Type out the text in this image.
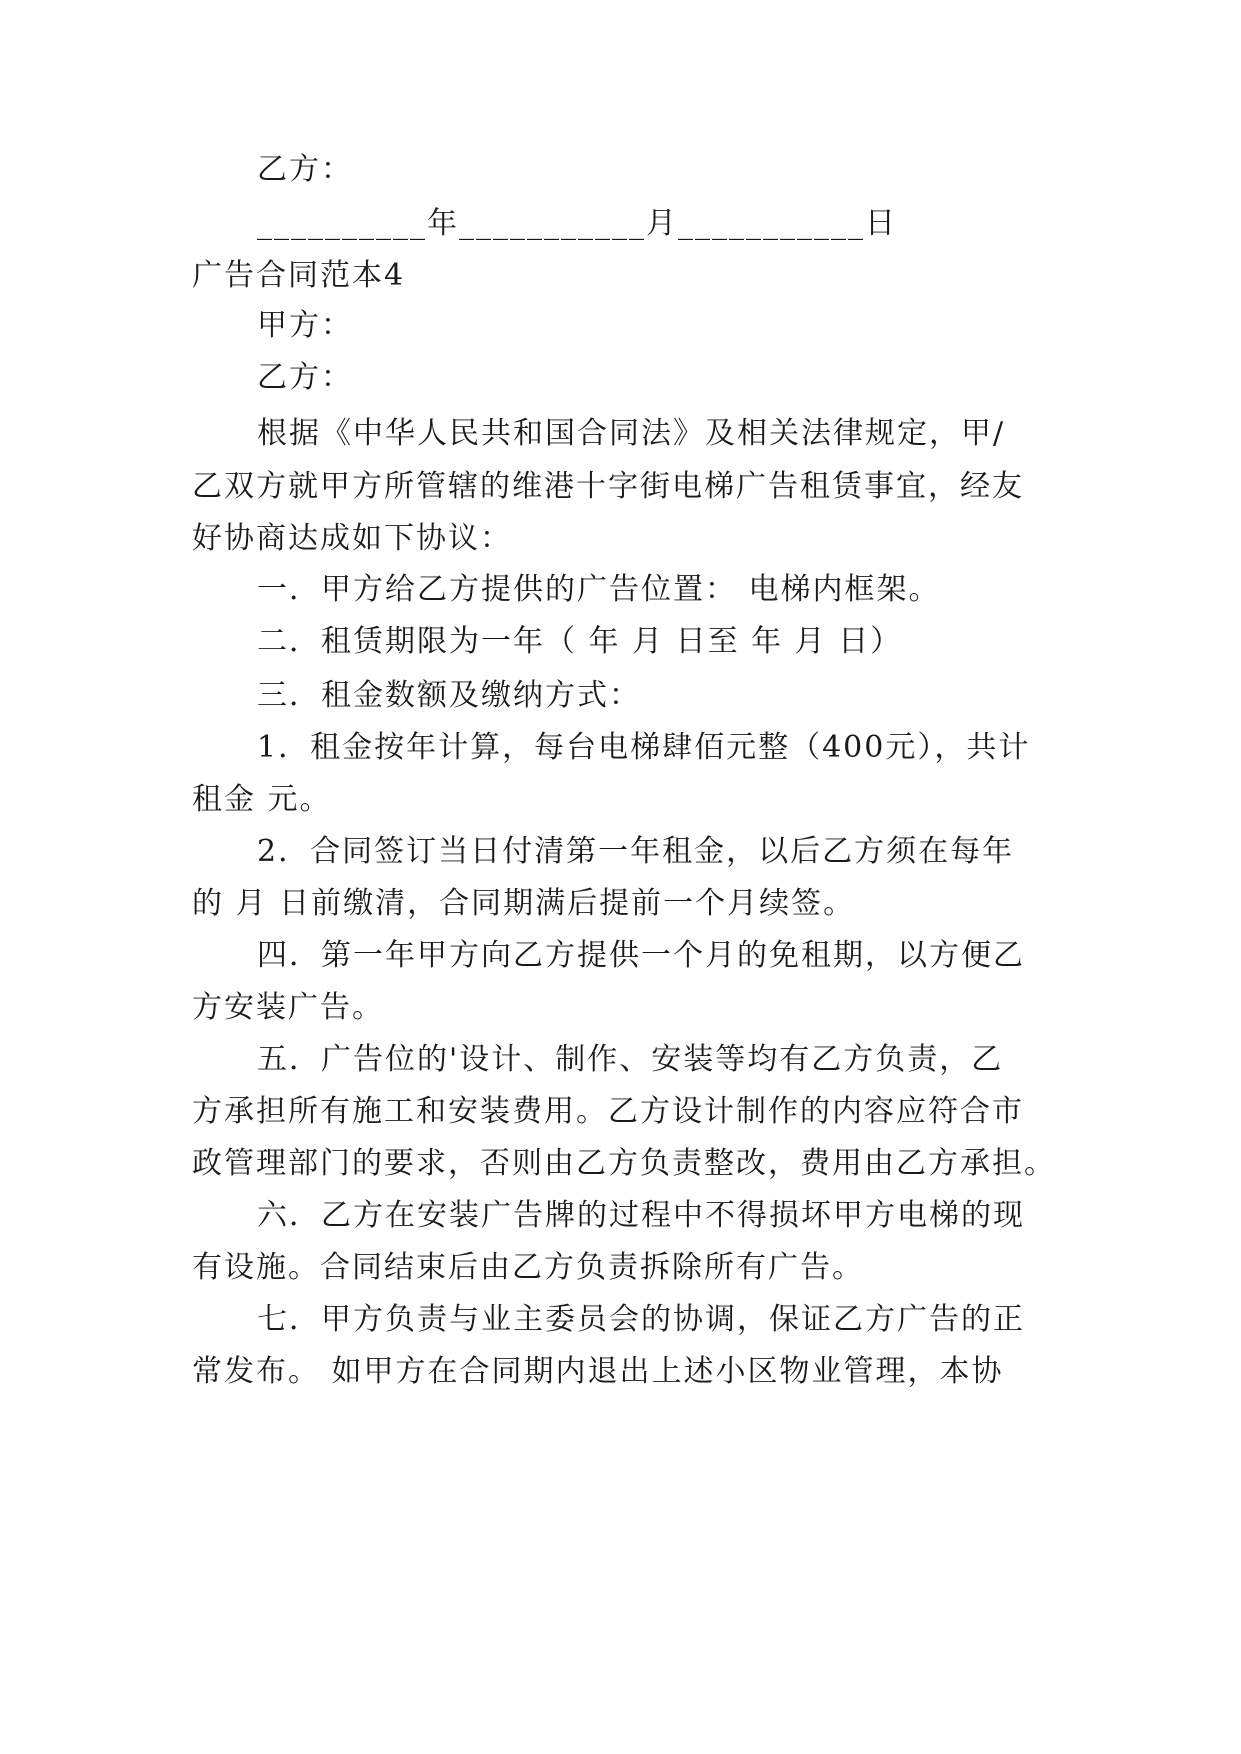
乙方：
__________年___________月___________日
广告合同范本4
甲方：
乙方：
根据《中华人民共和国合同法》及相关法律规定，甲/
乙双方就甲方所管辖的维港十字街电梯广告租赁事宜，经友
好协商达成如下协议：
一．甲方给乙方提供的广告位置： 电梯内框架。
二．租赁期限为一年（ 年 月 日至 年 月 日）
三．租金数额及缴纳方式：
1．租金按年计算，每台电梯肆佰元整（400元），共计
租金 元。
2．合同签订当日付清第一年租金，以后乙方须在每年
的 月 日前缴清，合同期满后提前一个月续签。
四．第一年甲方向乙方提供一个月的免租期，以方便乙
方安装广告。
五．广告位的'设计、制作、安装等均有乙方负责，乙
方承担所有施工和安装费用。乙方设计制作的内容应符合市
政管理部门的要求，否则由乙方负责整改，费用由乙方承担。
六．乙方在安装广告牌的过程中不得损坏甲方电梯的现
有设施。合同结束后由乙方负责拆除所有广告。
七．甲方负责与业主委员会的协调，保证乙方广告的正
常发布。 如甲方在合同期内退出上述小区物业管理，本协
